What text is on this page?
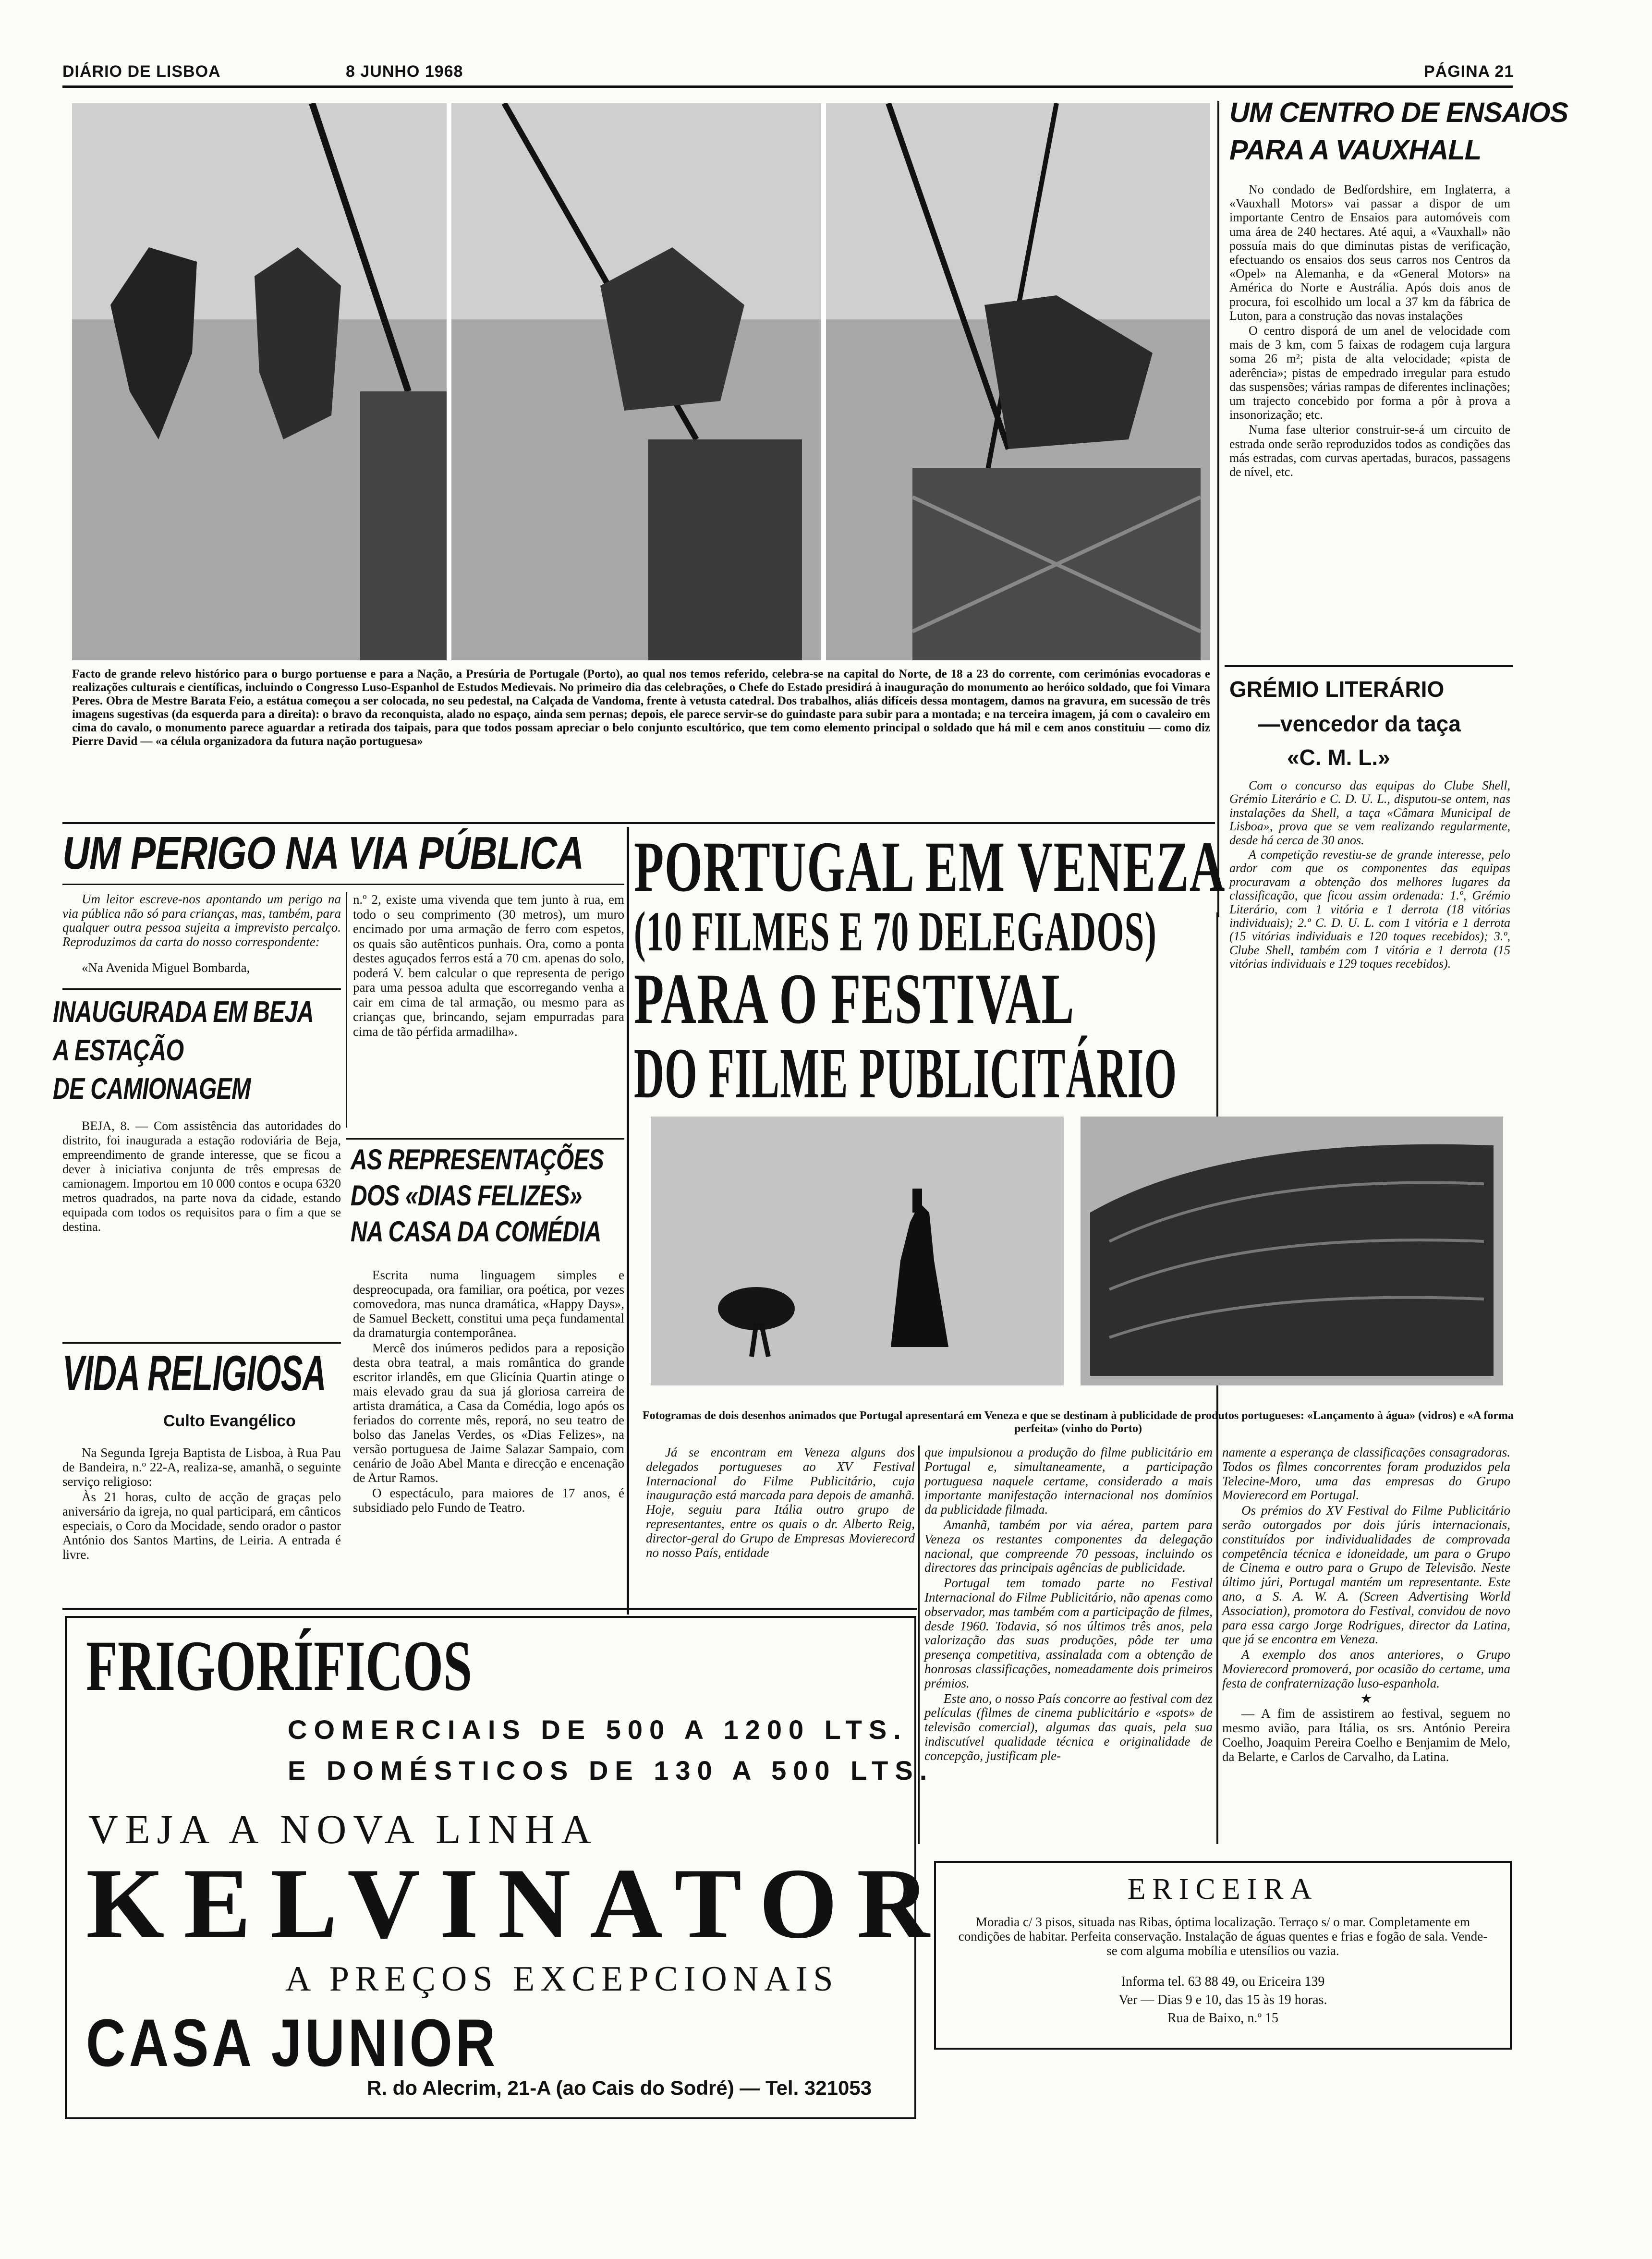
DIÁRIO DE LISBOA	8 JUNHO 1968	PÁGINA 21
Facto de grande relevo histórico para o burgo portuense e para a Nação, a Presúria de Portugale (Porto), ao qual nos temos referido, celebra-se na capital do Norte, de 18 a 23 do corrente, com cerimónias evocadoras e realizações culturais e científicas, incluindo o Congresso Luso-Espanhol de Estudos Medievais. No primeiro dia das celebrações, o Chefe do Estado presidirá à inauguração do monumento ao heróico soldado, que foi Vimara Peres. Obra de Mestre Barata Feio, a estátua começou a ser colocada, no seu pedestal, na Calçada de Vandoma, frente à vetusta catedral. Dos trabalhos, aliás difíceis dessa montagem, damos na gravura, em sucessão de três imagens sugestivas (da esquerda para a direita): o bravo da reconquista, alado no espaço, ainda sem pernas; depois, ele parece servir-se do guindaste para subir para a montada; e na terceira imagem, já com o cavaleiro em cima do cavalo, o monumento parece aguardar a retirada dos taipais, para que todos possam apreciar o belo conjunto escultórico, que tem como elemento principal o soldado que há mil e cem anos constituiu — como diz Pierre David — «a célula organizadora da futura nação portuguesa»
UM CENTRO DE ENSAIOS
PARA A VAUXHALL

No condado de Bedfordshire, em Inglaterra, a «Vauxhall Motors» vai passar a dispor de um importante Centro de Ensaios para automóveis com uma área de 240 hectares. Até aqui, a «Vauxhall» não possuía mais do que diminutas pistas de verificação, efectuando os ensaios dos seus carros nos Centros da «Opel» na Alemanha, e da «General Motors» na América do Norte e Austrália. Após dois anos de procura, foi escolhido um local a 37 km da fábrica de Luton, para a construção das novas instalações

O centro disporá de um anel de velocidade com mais de 3 km, com 5 faixas de rodagem cuja largura soma 26 m²; pista de alta velocidade; «pista de aderência»; pistas de empedrado irregular para estudo das suspensões; várias rampas de diferentes inclinações; um trajecto concebido por forma a pôr à prova a insonorização; etc.

Numa fase ulterior construir-se-á um circuito de estrada onde serão reproduzidos todos as condições das más estradas, com curvas apertadas, buracos, passagens de nível, etc.

GRÉMIO LITERÁRIO
—vencedor da taça
«C. M. L.»

Com o concurso das equipas do Clube Shell, Grémio Literário e C. D. U. L., disputou-se ontem, nas instalações da Shell, a taça «Câmara Municipal de Lisboa», prova que se vem realizando regularmente, desde há cerca de 30 anos.

A competição revestiu-se de grande interesse, pelo ardor com que os componentes das equipas procuravam a obtenção dos melhores lugares da classificação, que ficou assim ordenada: 1.º, Grémio Literário, com 1 vitória e 1 derrota (18 vitórias individuais); 2.º C. D. U. L. com 1 vitória e 1 derrota (15 vitórias individuais e 120 toques recebidos); 3.º, Clube Shell, também com 1 vitória e 1 derrota (15 vitórias individuais e 129 toques recebidos).

UM PERIGO NA VIA PÚBLICA

Um leitor escreve-nos apontando um perigo na via pública não só para crianças, mas, também, para qualquer outra pessoa sujeita a imprevisto percalço. Reproduzimos da carta do nosso correspondente:

«Na Avenida Miguel Bombarda,

n.º 2, existe uma vivenda que tem junto à rua, em todo o seu comprimento (30 metros), um muro encimado por uma armação de ferro com espetos, os quais são autênticos punhais. Ora, como a ponta destes aguçados ferros está a 70 cm. apenas do solo, poderá V. bem calcular o que representa de perigo para uma pessoa adulta que escorregando venha a cair em cima de tal armação, ou mesmo para as crianças que, brincando, sejam empurradas para cima de tão pérfida armadilha».

INAUGURADA EM BEJA
A ESTAÇÃO
DE CAMIONAGEM

BEJA, 8. — Com assistência das autoridades do distrito, foi inaugurada a estação rodoviária de Beja, empreendimento de grande interesse, que se ficou a dever à iniciativa conjunta de três empresas de camionagem. Importou em 10 000 contos e ocupa 6320 metros quadrados, na parte nova da cidade, estando equipada com todos os requisitos para o fim a que se destina.

VIDA RELIGIOSA
Culto Evangélico

Na Segunda Igreja Baptista de Lisboa, à Rua Pau de Bandeira, n.º 22-A, realiza-se, amanhã, o seguinte serviço religioso:

Às 21 horas, culto de acção de graças pelo aniversário da igreja, no qual participará, em cânticos especiais, o Coro da Mocidade, sendo orador o pastor António dos Santos Martins, de Leiria. A entrada é livre.

AS REPRESENTAÇÕES
DOS «DIAS FELIZES»
NA CASA DA COMÉDIA

Escrita numa linguagem simples e despreocupada, ora familiar, ora poética, por vezes comovedora, mas nunca dramática, «Happy Days», de Samuel Beckett, constitui uma peça fundamental da dramaturgia contemporânea.

Mercê dos inúmeros pedidos para a reposição desta obra teatral, a mais romântica do grande escritor irlandês, em que Glicínia Quartin atinge o mais elevado grau da sua já gloriosa carreira de artista dramática, a Casa da Comédia, logo após os feriados do corrente mês, reporá, no seu teatro de bolso das Janelas Verdes, os «Dias Felizes», na versão portuguesa de Jaime Salazar Sampaio, com cenário de João Abel Manta e direcção e encenação de Artur Ramos.

O espectáculo, para maiores de 17 anos, é subsidiado pelo Fundo de Teatro.

PORTUGAL EM VENEZA
(10 FILMES E 70 DELEGADOS)
PARA O FESTIVAL
DO FILME PUBLICITÁRIO
Fotogramas de dois desenhos animados que Portugal apresentará em Veneza e que se destinam à publicidade de produtos portugueses: «Lançamento à água» (vidros) e «A forma perfeita» (vinho do Porto)

Já se encontram em Veneza alguns dos delegados portugueses ao XV Festival Internacional do Filme Publicitário, cuja inauguração está marcada para depois de amanhã. Hoje, seguiu para Itália outro grupo de representantes, entre os quais o dr. Alberto Reig, director-geral do Grupo de Empresas Movierecord no nosso País, entidade

que impulsionou a produção do filme publicitário em Portugal e, simultaneamente, a participação portuguesa naquele certame, considerado a mais importante manifestação internacional nos domínios da publicidade filmada.

Amanhã, também por via aérea, partem para Veneza os restantes componentes da delegação nacional, que compreende 70 pessoas, incluindo os directores das principais agências de publicidade.

Portugal tem tomado parte no Festival Internacional do Filme Publicitário, não apenas como observador, mas também com a participação de filmes, desde 1960. Todavia, só nos últimos três anos, pela valorização das suas produções, pôde ter uma presença competitiva, assinalada com a obtenção de honrosas classificações, nomeadamente dois primeiros prémios.

Este ano, o nosso País concorre ao festival com dez películas (filmes de cinema publicitário e «spots» de televisão comercial), algumas das quais, pela sua indiscutível qualidade técnica e originalidade de concepção, justificam ple-

namente a esperança de classificações consagradoras. Todos os filmes concorrentes foram produzidos pela Telecine-Moro, uma das empresas do Grupo Movierecord em Portugal.

Os prémios do XV Festival do Filme Publicitário serão outorgados por dois júris internacionais, constituídos por individualidades de comprovada competência técnica e idoneidade, um para o Grupo de Cinema e outro para o Grupo de Televisão. Neste último júri, Portugal mantém um representante. Este ano, a S. A. W. A. (Screen Advertising World Association), promotora do Festival, convidou de novo para essa cargo Jorge Rodrigues, director da Latina, que já se encontra em Veneza.

A exemplo dos anos anteriores, o Grupo Movierecord promoverá, por ocasião do certame, uma festa de confraternização luso-espanhola.

★

— A fim de assistirem ao festival, seguem no mesmo avião, para Itália, os srs. António Pereira Coelho, Joaquim Pereira Coelho e Benjamim de Melo, da Belarte, e Carlos de Carvalho, da Latina.

FRIGORÍFICOS
COMERCIAIS DE 500 A 1200 LTS.
E DOMÉSTICOS DE 130 A 500 LTS.
VEJA A NOVA LINHA
KELVINATOR
A PREÇOS EXCEPCIONAIS
CASA JUNIOR
R. do Alecrim, 21-A (ao Cais do Sodré) — Tel. 321053
ERICEIRA
Moradia c/ 3 pisos, situada nas Ribas, óptima localização. Terraço s/ o mar. Completamente em condições de habitar. Perfeita conservação. Instalação de águas quentes e frias e fogão de sala. Vende-se com alguma mobília e utensílios ou vazia.
Informa tel. 63 88 49, ou Ericeira 139
Ver — Dias 9 e 10, das 15 às 19 horas.
Rua de Baixo, n.º 15
